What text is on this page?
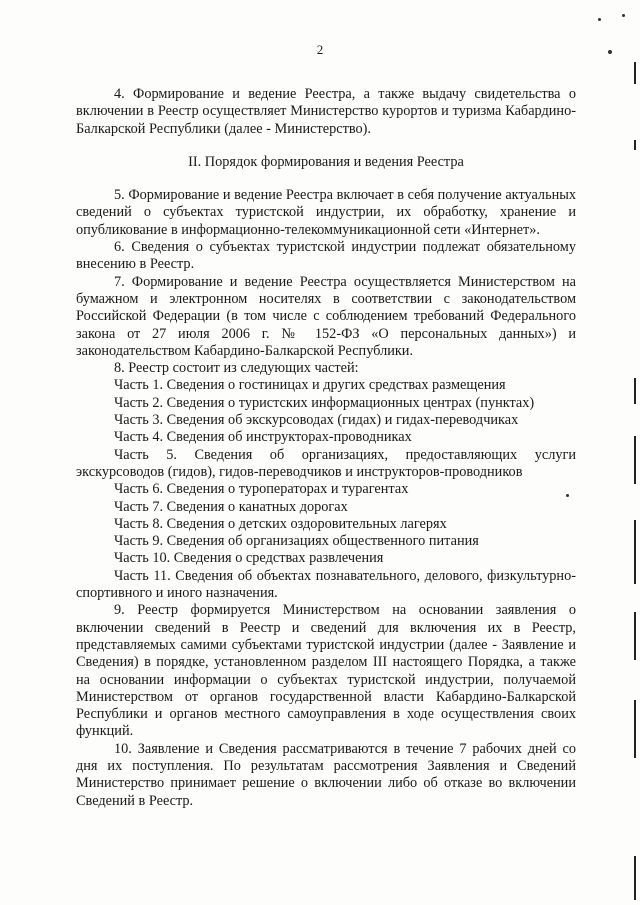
2

4. Формирование и ведение Реестра, а также выдачу свидетельства о включении в Реестр осуществляет Министерство курортов и туризма Кабардино-Балкарской Республики (далее - Министерство).

II. Порядок формирования и ведения Реестра

5. Формирование и ведение Реестра включает в себя получение актуальных сведений о субъектах туристской индустрии, их обработку, хранение и опубликование в информационно-телекоммуникационной сети «Интернет».

6. Сведения о субъектах туристской индустрии подлежат обязательному внесению в Реестр.

7. Формирование и ведение Реестра осуществляется Министерством на бумажном и электронном носителях в соответствии с законодательством Российской Федерации (в том числе с соблюдением требований Федерального закона от 27 июля 2006 г. № 152-ФЗ «О персональных данных») и законодательством Кабардино-Балкарской Республики.

8. Реестр состоит из следующих частей:

Часть 1. Сведения о гостиницах и других средствах размещения

Часть 2. Сведения о туристских информационных центрах (пунктах)

Часть 3. Сведения об экскурсоводах (гидах) и гидах-переводчиках

Часть 4. Сведения об инструкторах-проводниках

Часть 5. Сведения об организациях, предоставляющих услуги экскурсоводов (гидов), гидов-переводчиков и инструкторов-проводников

Часть 6. Сведения о туроператорах и турагентах

Часть 7. Сведения о канатных дорогах

Часть 8. Сведения о детских оздоровительных лагерях

Часть 9. Сведения об организациях общественного питания

Часть 10. Сведения о средствах развлечения

Часть 11. Сведения об объектах познавательного, делового, физкультурно-спортивного и иного назначения.

9. Реестр формируется Министерством на основании заявления о включении сведений в Реестр и сведений для включения их в Реестр, представляемых самими субъектами туристской индустрии (далее - Заявление и Сведения) в порядке, установленном разделом III настоящего Порядка, а также на основании информации о субъектах туристской индустрии, получаемой Министерством от органов государственной власти Кабардино-Балкарской Республики и органов местного самоуправления в ходе осуществления своих функций.

10. Заявление и Сведения рассматриваются в течение 7 рабочих дней со дня их поступления. По результатам рассмотрения Заявления и Сведений Министерство принимает решение о включении либо об отказе во включении Сведений в Реестр.
